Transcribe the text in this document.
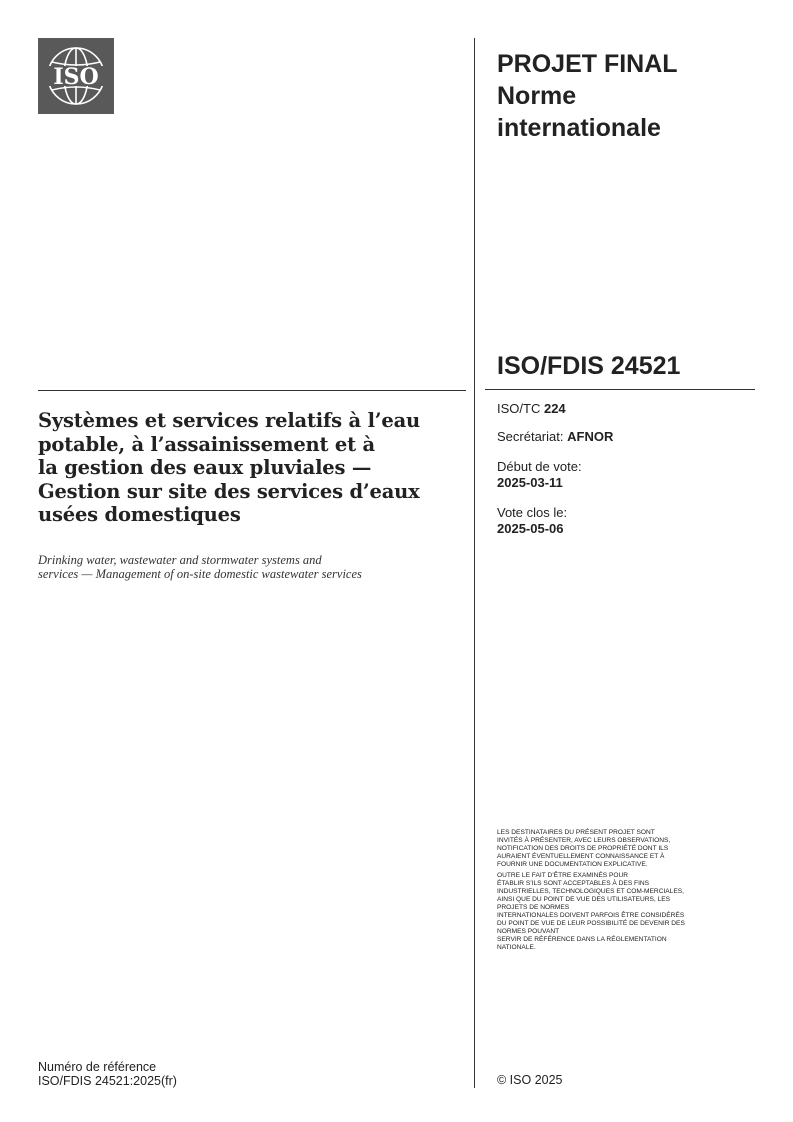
ISO	PROJET FINAL
Norme
internationale
ISO/FDIS 24521
ISO/TC 224
Secrétariat: AFNOR
Début de vote:
2025-03-11
Vote clos le:
2025-05-06
Systèmes et services relatifs à l’eau
potable, à l’assainissement et à
la gestion des eaux pluviales —
Gestion sur site des services d’eaux
usées domestiques
Drinking water, wastewater and stormwater systems and
services — Management of on-site domestic wastewater services
LES DESTINATAIRES DU PRÉSENT PROJET SONT
INVITÉS À PRÉSENTER, AVEC LEURS OBSERVATIONS,
NOTIFICATION DES DROITS DE PROPRIÉTÉ DONT ILS
AURAIENT ÉVENTUELLEMENT CONNAISSANCE ET À
FOURNIR UNE DOCUMENTATION EXPLICATIVE.
OUTRE LE FAIT D’ÊTRE EXAMINÉS POUR
ÉTABLIR S’ILS SONT ACCEPTABLES À DES FINS
INDUSTRIELLES, TECHNOLOGIQUES ET COM-MERCIALES,
AINSI QUE DU POINT DE VUE DES UTILISATEURS, LES
PROJETS DE NORMES
INTERNATIONALES DOIVENT PARFOIS ÊTRE CONSIDÉRÉS
DU POINT DE VUE DE LEUR POSSIBILITÉ DE DEVENIR DES
NORMES POUVANT
SERVIR DE RÉFÉRENCE DANS LA RÉGLEMENTATION
NATIONALE.
Numéro de référence
ISO/FDIS 24521:2025(fr)	© ISO 2025
